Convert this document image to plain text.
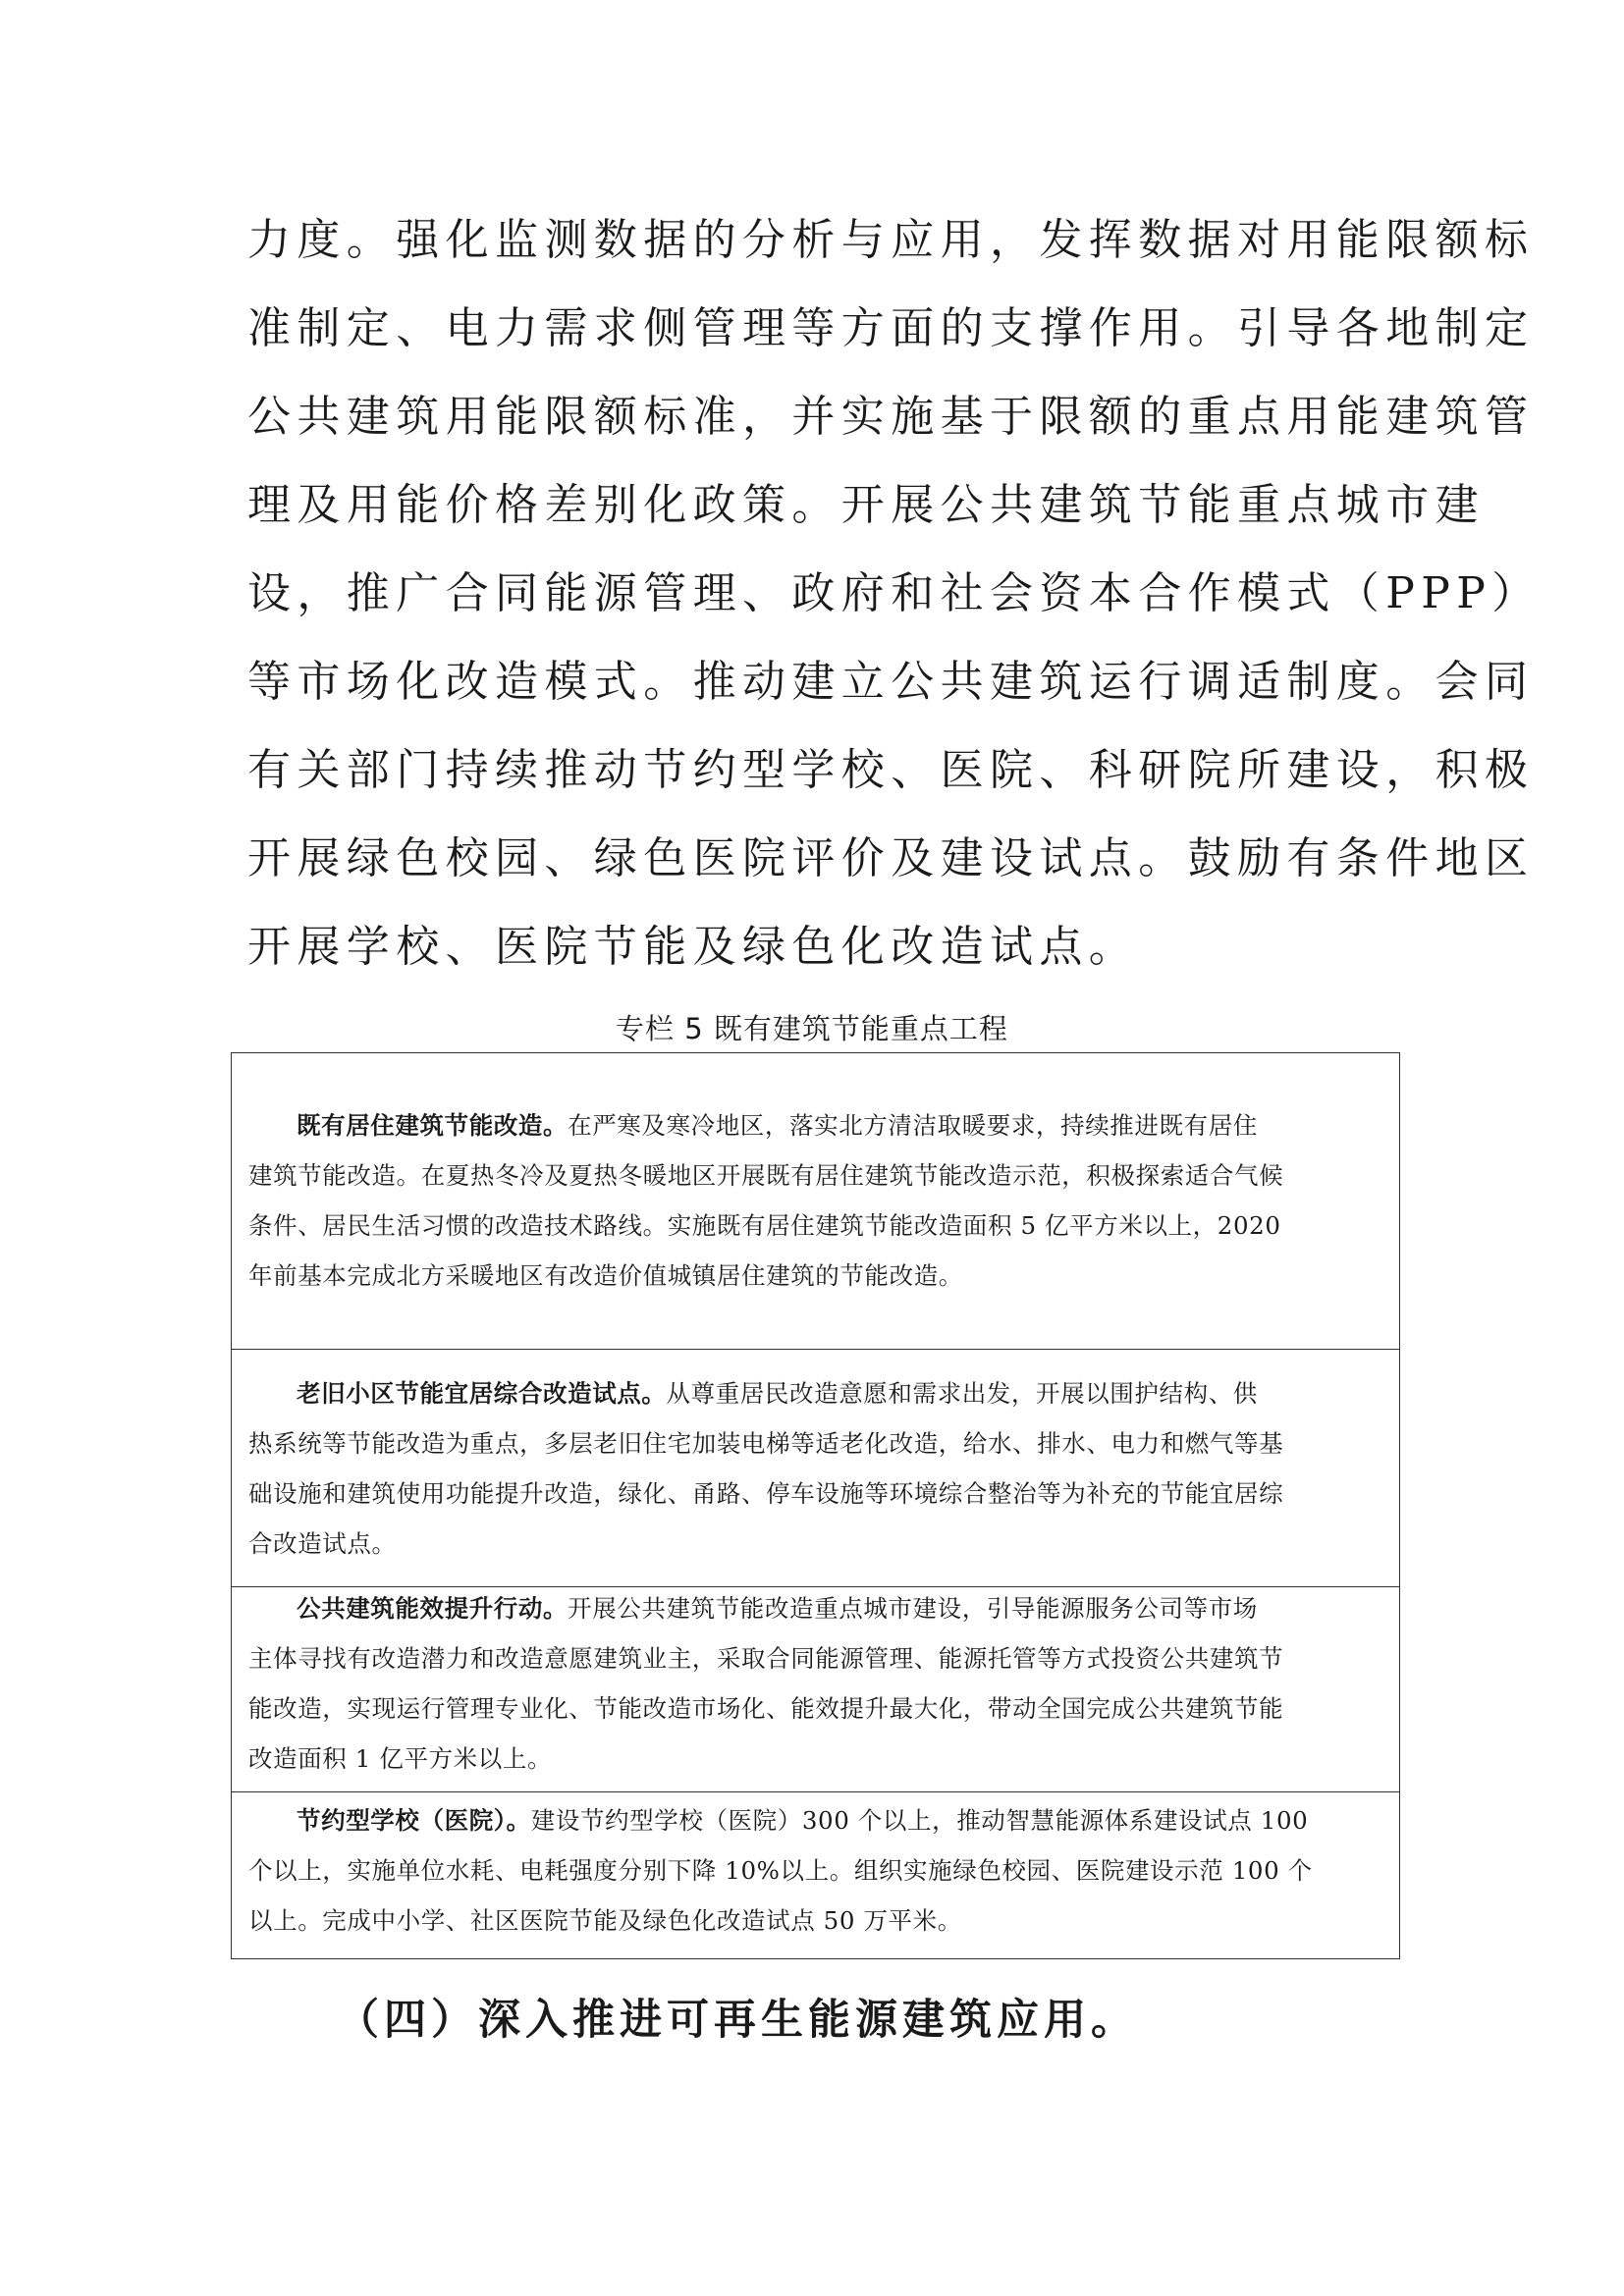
力度。强化监测数据的分析与应用，发挥数据对用能限额标
准制定、电力需求侧管理等方面的支撑作用。引导各地制定
公共建筑用能限额标准，并实施基于限额的重点用能建筑管
理及用能价格差别化政策。开展公共建筑节能重点城市建
设，推广合同能源管理、政府和社会资本合作模式（PPP）
等市场化改造模式。推动建立公共建筑运行调适制度。会同
有关部门持续推动节约型学校、医院、科研院所建设，积极
开展绿色校园、绿色医院评价及建设试点。鼓励有条件地区
开展学校、医院节能及绿色化改造试点。
专栏 5 既有建筑节能重点工程
既有居住建筑节能改造。在严寒及寒冷地区，落实北方清洁取暖要求，持续推进既有居住
建筑节能改造。在夏热冬冷及夏热冬暖地区开展既有居住建筑节能改造示范，积极探索适合气候
条件、居民生活习惯的改造技术路线。实施既有居住建筑节能改造面积 5 亿平方米以上，2020
年前基本完成北方采暖地区有改造价值城镇居住建筑的节能改造。
老旧小区节能宜居综合改造试点。从尊重居民改造意愿和需求出发，开展以围护结构、供
热系统等节能改造为重点，多层老旧住宅加装电梯等适老化改造，给水、排水、电力和燃气等基
础设施和建筑使用功能提升改造，绿化、甬路、停车设施等环境综合整治等为补充的节能宜居综
合改造试点。
公共建筑能效提升行动。开展公共建筑节能改造重点城市建设，引导能源服务公司等市场
主体寻找有改造潜力和改造意愿建筑业主，采取合同能源管理、能源托管等方式投资公共建筑节
能改造，实现运行管理专业化、节能改造市场化、能效提升最大化，带动全国完成公共建筑节能
改造面积 1 亿平方米以上。
节约型学校（医院）。建设节约型学校（医院）300 个以上，推动智慧能源体系建设试点 100
个以上，实施单位水耗、电耗强度分别下降 10%以上。组织实施绿色校园、医院建设示范 100 个
以上。完成中小学、社区医院节能及绿色化改造试点 50 万平米。
（四）深入推进可再生能源建筑应用。
